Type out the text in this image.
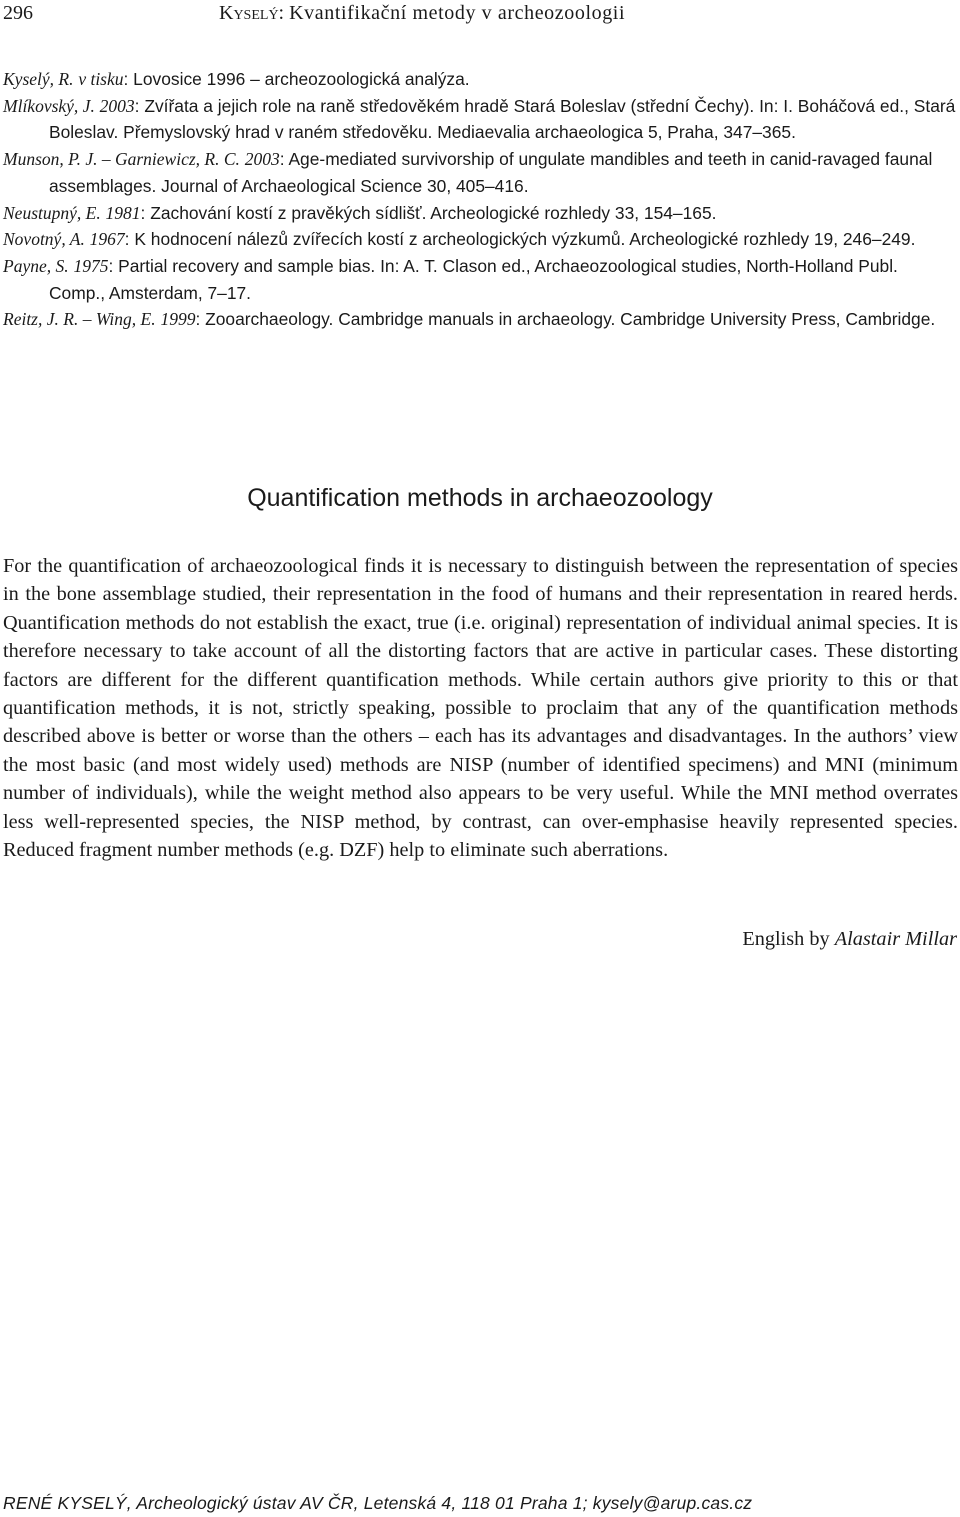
296	Kyselý: Kvantifikační metody v archeozoologii

Kyselý, R. v tisku: Lovosice 1996 – archeozoologická analýza.

Mlíkovský, J. 2003: Zvířata a jejich role na raně středověkém hradě Stará Boleslav (střední Čechy). In: I. Boháčová ed., Stará Boleslav. Přemyslovský hrad v raném středověku. Mediaevalia archaeologica 5, Praha, 347–365.

Munson, P. J. – Garniewicz, R. C. 2003: Age-mediated survivorship of ungulate mandibles and teeth in canid-ravaged faunal assemblages. Journal of Archaeological Science 30, 405–416.

Neustupný, E. 1981: Zachování kostí z pravěkých sídlišť. Archeologické rozhledy 33, 154–165.

Novotný, A. 1967: K hodnocení nálezů zvířecích kostí z archeologických výzkumů. Archeologické rozhledy 19, 246–249.

Payne, S. 1975: Partial recovery and sample bias. In: A. T. Clason ed., Archaeozoological studies, North-Holland Publ. Comp., Amsterdam, 7–17.

Reitz, J. R. – Wing, E. 1999: Zooarchaeology. Cambridge manuals in archaeology. Cambridge University Press, Cambridge.

Quantification methods in archaeozoology

For the quantification of archaeozoological finds it is necessary to distinguish between the representation of species in the bone assemblage studied, their representation in the food of humans and their representation in reared herds. Quantification methods do not establish the exact, true (i.e. original) representation of individual animal species. It is therefore necessary to take account of all the distorting factors that are active in particular cases. These distorting factors are different for the different quantification methods. While certain authors give priority to this or that quantification methods, it is not, strictly speaking, possible to proclaim that any of the quantification methods described above is better or worse than the others – each has its advantages and disadvantages. In the authors’ view the most basic (and most widely used) methods are NISP (number of identified specimens) and MNI (minimum number of individuals), while the weight method also appears to be very useful. While the MNI method overrates less well-represented species, the NISP method, by contrast, can over-emphasise heavily represented species. Reduced fragment number methods (e.g. DZF) help to eliminate such aberrations.

English by Alastair Millar
RENÉ KYSELÝ, Archeologický ústav AV ČR, Letenská 4, 118 01 Praha 1; kysely@arup.cas.cz
